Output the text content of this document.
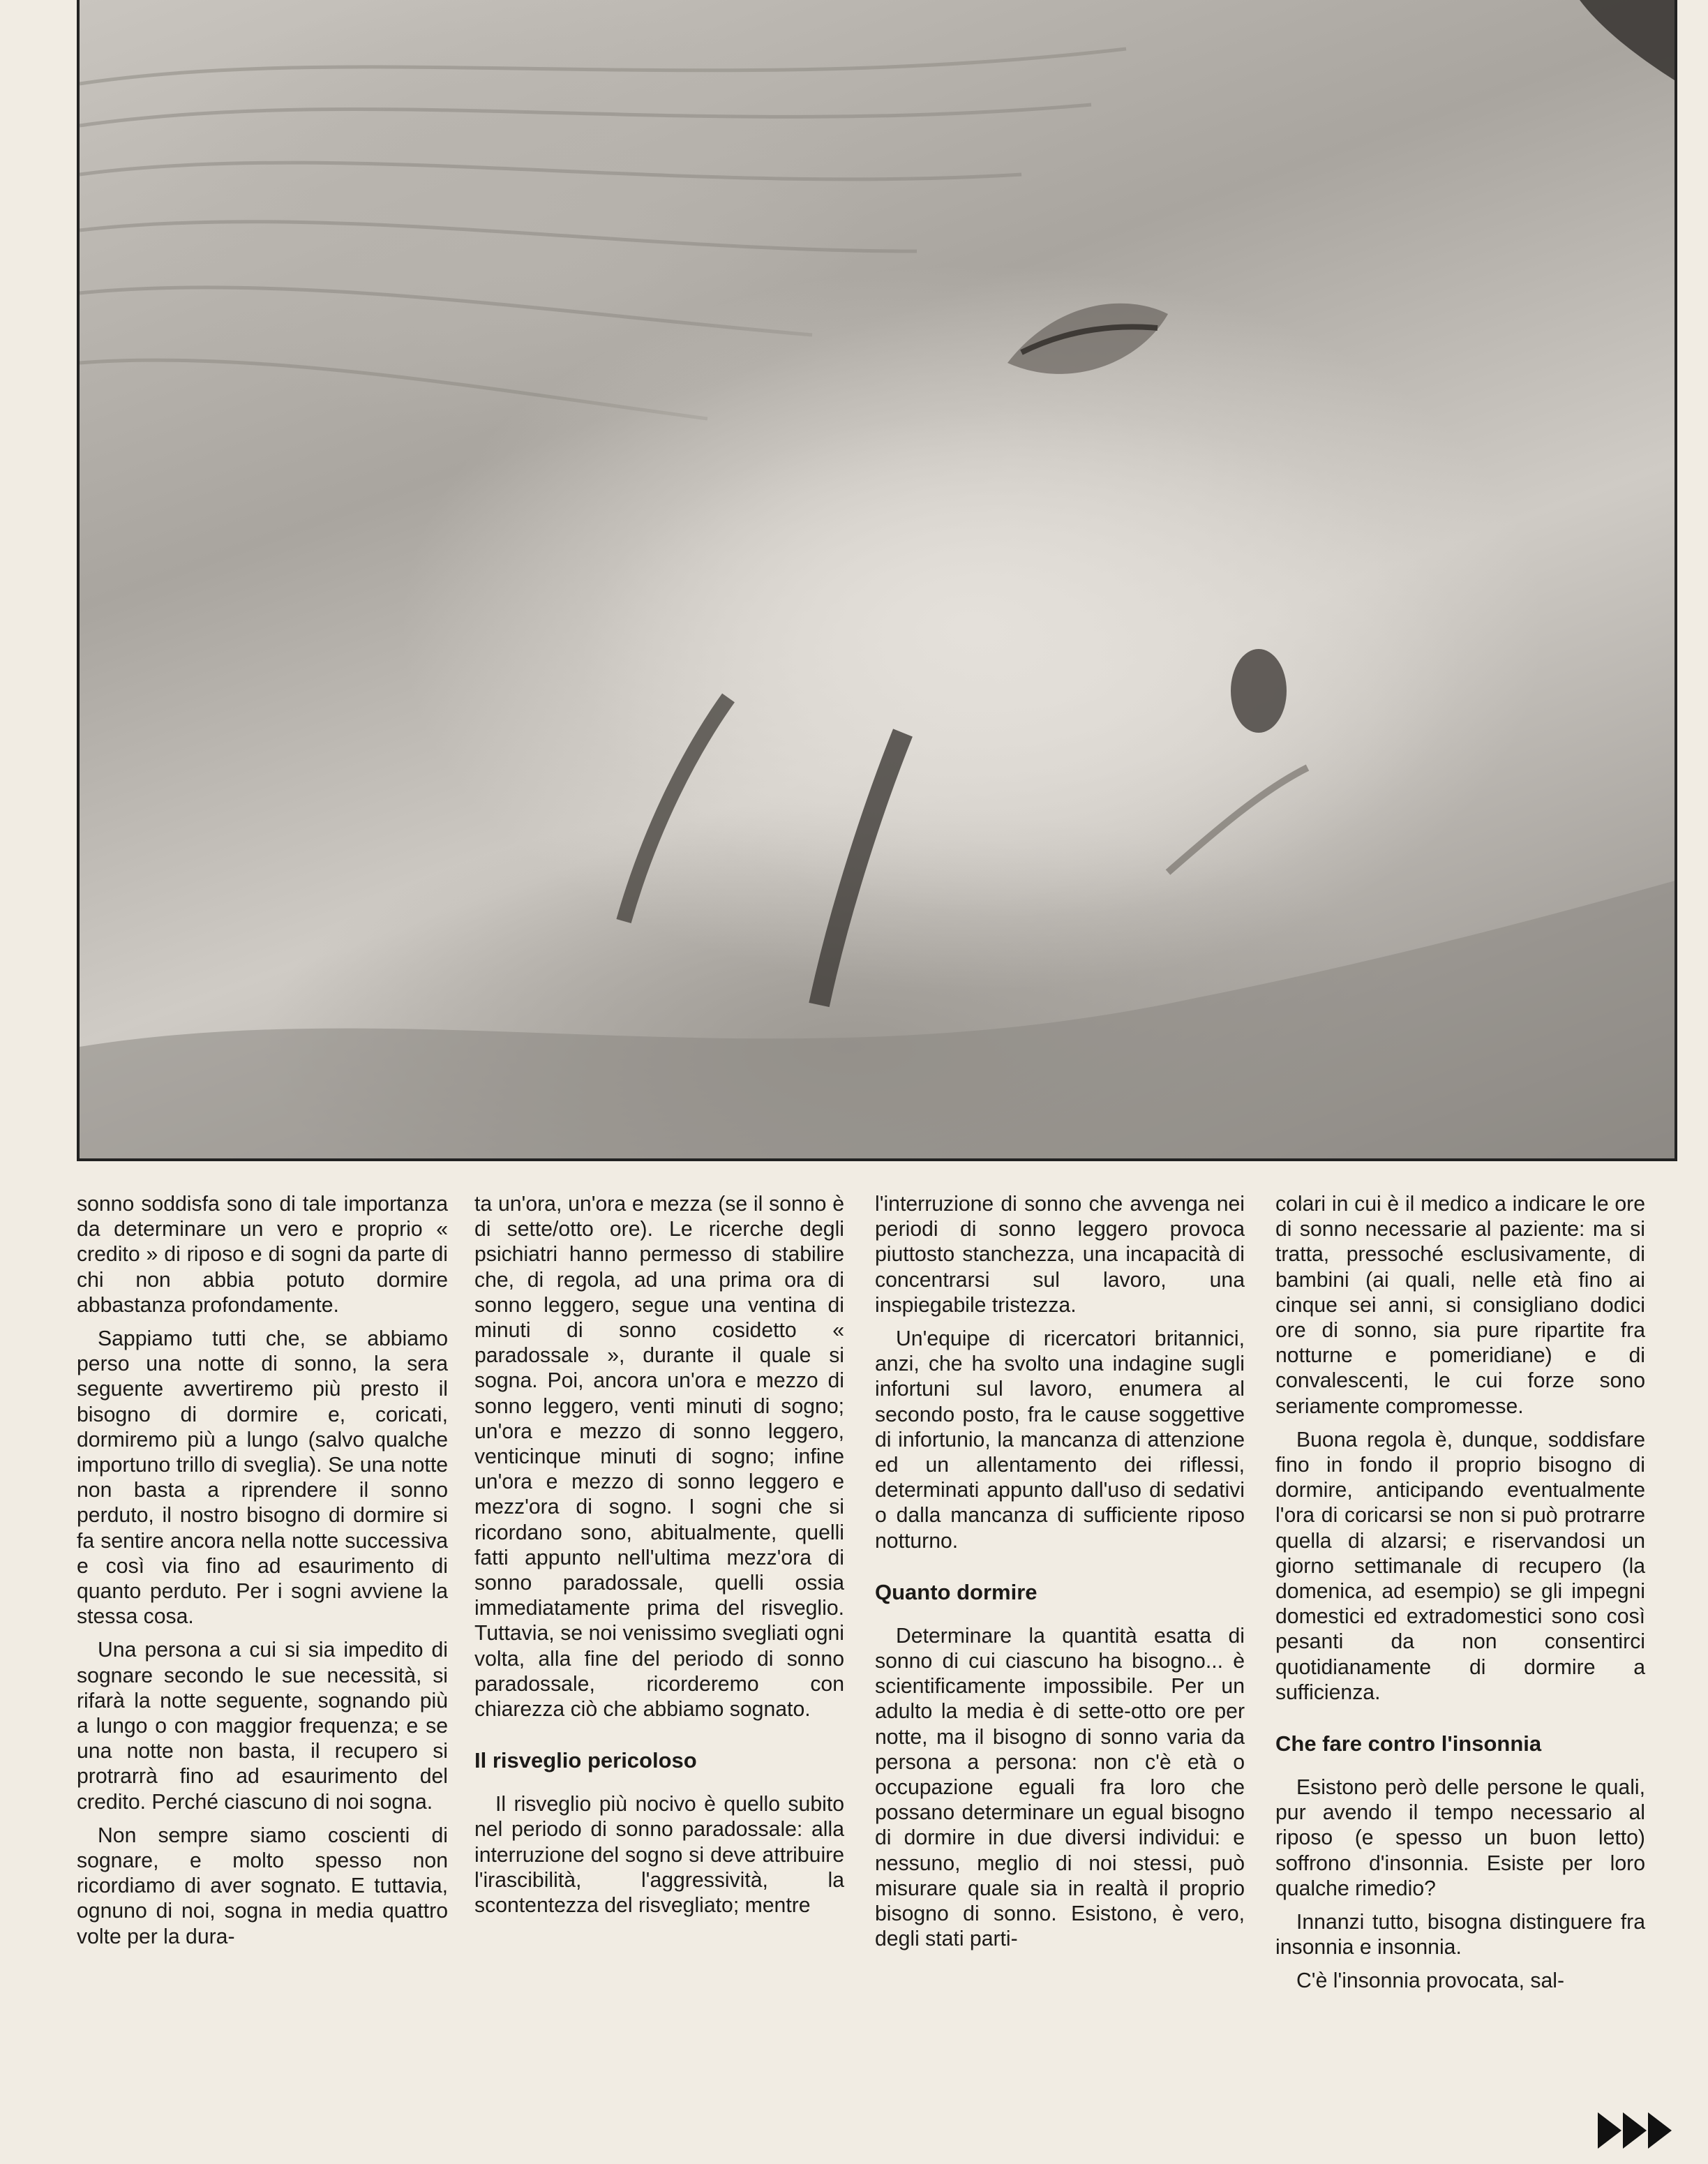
sonno soddisfa sono di tale importanza da determinare un vero e proprio « credito » di riposo e di sogni da parte di chi non abbia potuto dormire abbastanza profondamente.

Sappiamo tutti che, se abbiamo perso una notte di sonno, la sera seguente avvertiremo più presto il bisogno di dormire e, coricati, dormiremo più a lungo (salvo qualche importuno trillo di sveglia). Se una notte non basta a riprendere il sonno perduto, il nostro bisogno di dormire si fa sentire ancora nella notte successiva e così via fino ad esaurimento di quanto perduto. Per i sogni avviene la stessa cosa.

Una persona a cui si sia impedito di sognare secondo le sue necessità, si rifarà la notte seguente, sognando più a lungo o con maggior frequenza; e se una notte non basta, il recupero si protrarrà fino ad esaurimento del credito. Perché ciascuno di noi sogna.

Non sempre siamo coscienti di sognare, e molto spesso non ricordiamo di aver sognato. E tuttavia, ognuno di noi, sogna in media quattro volte per la dura-

ta un'ora, un'ora e mezza (se il sonno è di sette/otto ore). Le ricerche degli psichiatri hanno permesso di stabilire che, di regola, ad una prima ora di sonno leggero, segue una ventina di minuti di sonno cosidetto « paradossale », durante il quale si sogna. Poi, ancora un'ora e mezzo di sonno leggero, venti minuti di sogno; un'ora e mezzo di sonno leggero, venticinque minuti di sogno; infine un'ora e mezzo di sonno leggero e mezz'ora di sogno. I sogni che si ricordano sono, abitualmente, quelli fatti appunto nell'ultima mezz'ora di sonno paradossale, quelli ossia immediatamente prima del risveglio. Tuttavia, se noi venissimo svegliati ogni volta, alla fine del periodo di sonno paradossale, ricorderemo con chiarezza ciò che abbiamo sognato.

Il risveglio pericoloso

Il risveglio più nocivo è quello subito nel periodo di sonno paradossale: alla interruzione del sogno si deve attribuire l'irascibilità, l'aggressività, la scontentezza del risvegliato; mentre

l'interruzione di sonno che avvenga nei periodi di sonno leggero provoca piuttosto stanchezza, una incapacità di concentrarsi sul lavoro, una inspiegabile tristezza.

Un'equipe di ricercatori britannici, anzi, che ha svolto una indagine sugli infortuni sul lavoro, enumera al secondo posto, fra le cause soggettive di infortunio, la mancanza di attenzione ed un allentamento dei riflessi, determinati appunto dall'uso di sedativi o dalla mancanza di sufficiente riposo notturno.

Quanto dormire

Determinare la quantità esatta di sonno di cui ciascuno ha bisogno... è scientificamente impossibile. Per un adulto la media è di sette-otto ore per notte, ma il bisogno di sonno varia da persona a persona: non c'è età o occupazione eguali fra loro che possano determinare un egual bisogno di dormire in due diversi individui: e nessuno, meglio di noi stessi, può misurare quale sia in realtà il proprio bisogno di sonno. Esistono, è vero, degli stati parti-

colari in cui è il medico a indicare le ore di sonno necessarie al paziente: ma si tratta, pressoché esclusivamente, di bambini (ai quali, nelle età fino ai cinque sei anni, si consigliano dodici ore di sonno, sia pure ripartite fra notturne e pomeridiane) e di convalescenti, le cui forze sono seriamente compromesse.

Buona regola è, dunque, soddisfare fino in fondo il proprio bisogno di dormire, anticipando eventualmente l'ora di coricarsi se non si può protrarre quella di alzarsi; e riservandosi un giorno settimanale di recupero (la domenica, ad esempio) se gli impegni domestici ed extradomestici sono così pesanti da non consentirci quotidianamente di dormire a sufficienza.

Che fare contro l'insonnia

Esistono però delle persone le quali, pur avendo il tempo necessario al riposo (e spesso un buon letto) soffrono d'insonnia. Esiste per loro qualche rimedio?

Innanzi tutto, bisogna distinguere fra insonnia e insonnia.

C'è l'insonnia provocata, sal-
